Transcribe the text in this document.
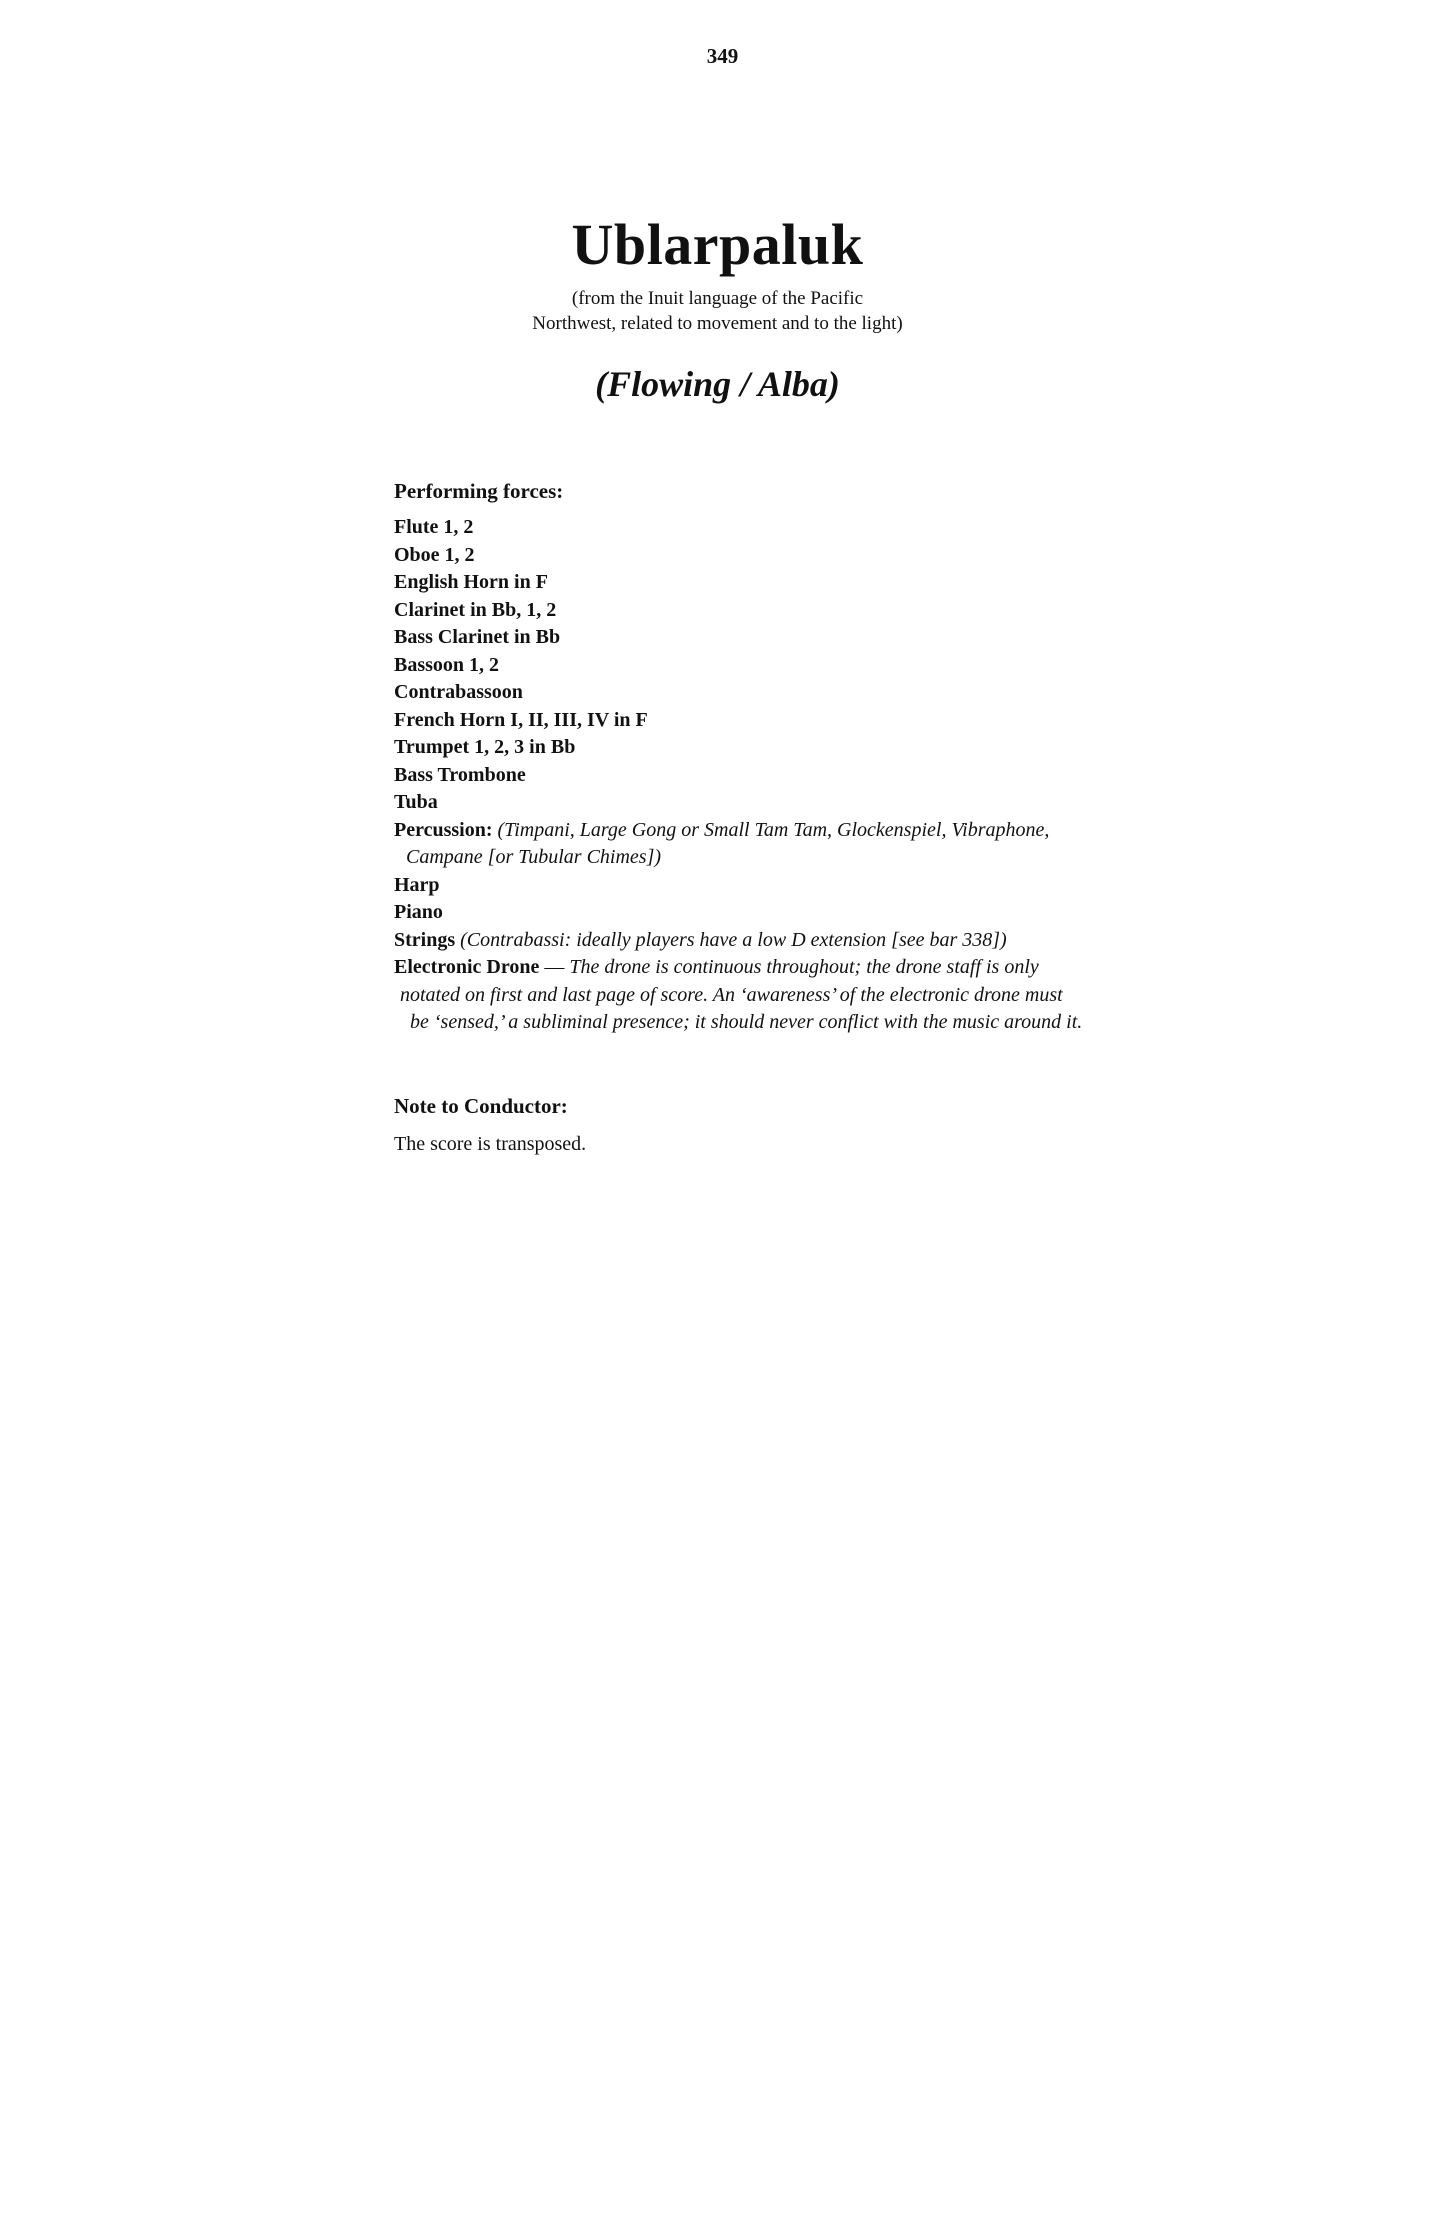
349
Ublarpaluk
(from the Inuit language of the Pacific
Northwest, related to movement and to the light)
(Flowing / Alba)
Performing forces:
Flute 1, 2
Oboe 1, 2
English Horn in F
Clarinet in Bb, 1, 2
Bass Clarinet in Bb
Bassoon 1, 2
Contrabassoon
French Horn I, II, III, IV in F
Trumpet 1, 2, 3 in Bb
Bass Trombone
Tuba
Percussion: (Timpani, Large Gong or Small Tam Tam, Glockenspiel, Vibraphone,
Campane [or Tubular Chimes])
Harp
Piano
Strings (Contrabassi: ideally players have a low D extension [see bar 338])
Electronic Drone — The drone is continuous throughout; the drone staff is only
notated on first and last page of score. An ‘awareness’ of the electronic drone must
be ‘sensed,’ a subliminal presence; it should never conflict with the music around it.
Note to Conductor:
The score is transposed.
